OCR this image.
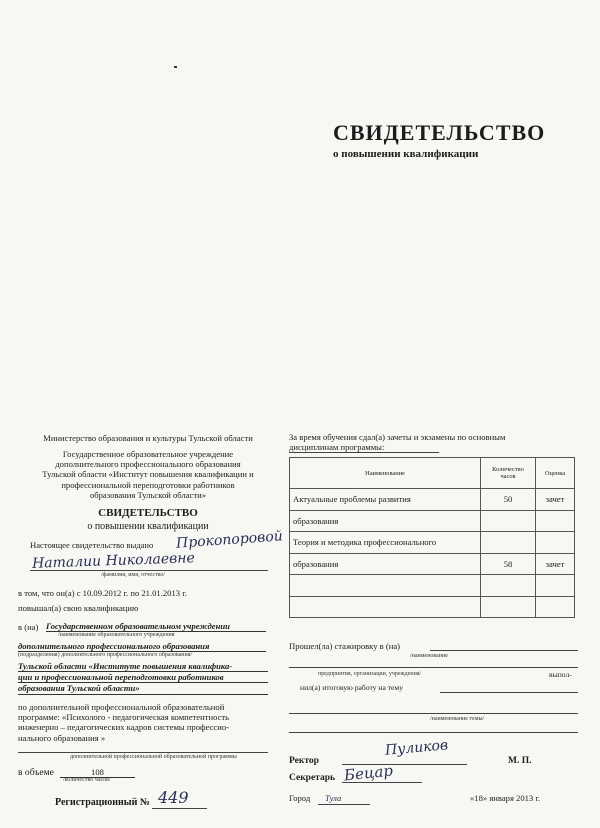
СВИДЕТЕЛЬСТВО
о повышении квалификации
Министерство образования и культуры Тульской области
Государственное образовательное учреждение
дополнительного профессионального образования
Тульской области «Институт повышения квалификации и
профессиональной переподготовки работников
образования Тульской области»
СВИДЕТЕЛЬСТВО
о повышении квалификации
Настоящее свидетельство выдано Прокопоровой
Наталии Николаевне
/фамилия, имя, отчество/
в том, что он(а) с 10.09.2012 г. по 21.01.2013 г.
повышал(а) свою квалификацию
в (на) Государственном образовательном учреждении
/наименование образовательного учреждения
дополнительного профессионального образования
(подразделения) дополнительного профессионального образования/
Тульской области «Институте повышения квалифика-
ции и профессиональной переподготовки работников
образования Тульской области»
по дополнительной профессиональной образовательной
программе: «Психолого - педагогическая компетентность
инженерно – педагогических кадров системы профессио-
нального образования »
дополнительной профессиональной образовательной программы
в объеме	108
/количество часов/
Регистрационный № 449
За время обучения сдал(а) зачеты и экзамены по основным
дисциплинам программы:
Наименование	Количество часов	Оценка
Актуальные проблемы развития	50	зачет
образования		
Теория и методика профессионального		
образования	58	зачет

Прошел(ла) стажировку в (на)
/наименование
предприятия, организации, учреждения/	выпол-
нил(а) итоговую работу на тему
/наименование темы/
Ректор
Пуликов
М. П.
Секретарь Бецар
Город Тула	«18» января 2013 г.
